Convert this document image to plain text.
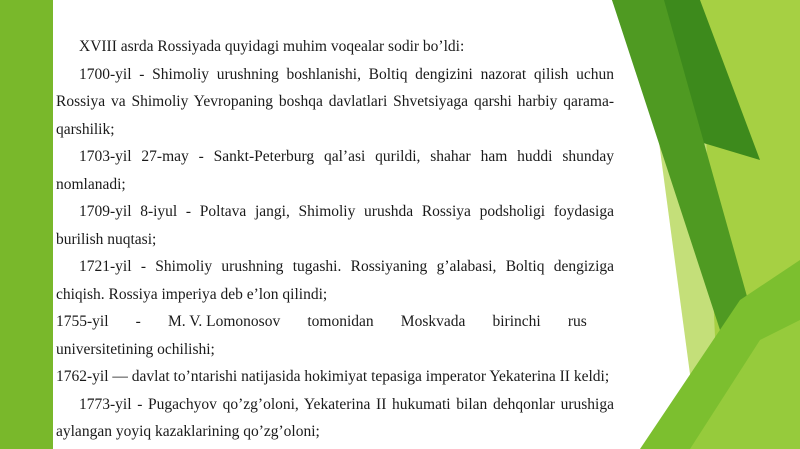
XVIII asrda Rossiyada quyidagi muhim voqealar sodir bo’ldi:

1700-yil - Shimoliy urushning boshlanishi, Boltiq dengizini nazorat qilish uchun Rossiya va Shimoliy Yevropaning boshqa davlatlari Shvetsiyaga qarshi harbiy qarama-qarshilik;

1703-yil 27-may - Sankt-Peterburg qal’asi qurildi, shahar ham huddi shunday nomlanadi;

1709-yil 8-iyul - Poltava jangi, Shimoliy urushda Rossiya podsholigi foydasiga burilish nuqtasi;

1721-yil - Shimoliy urushning tugashi. Rossiyaning g’alabasi, Boltiq dengiziga chiqish. Rossiya imperiya deb e’lon qilindi;

1755-yil - M. V. Lomonosov tomonidan Moskvada birinchi rus

universitetining ochilishi;

1762-yil — davlat to’ntarishi natijasida hokimiyat tepasiga imperator Yekaterina II keldi;

1773-yil - Pugachyov qo’zg’oloni, Yekaterina II hukumati bilan dehqonlar urushiga aylangan yoyiq kazaklarining qo’zg’oloni;
